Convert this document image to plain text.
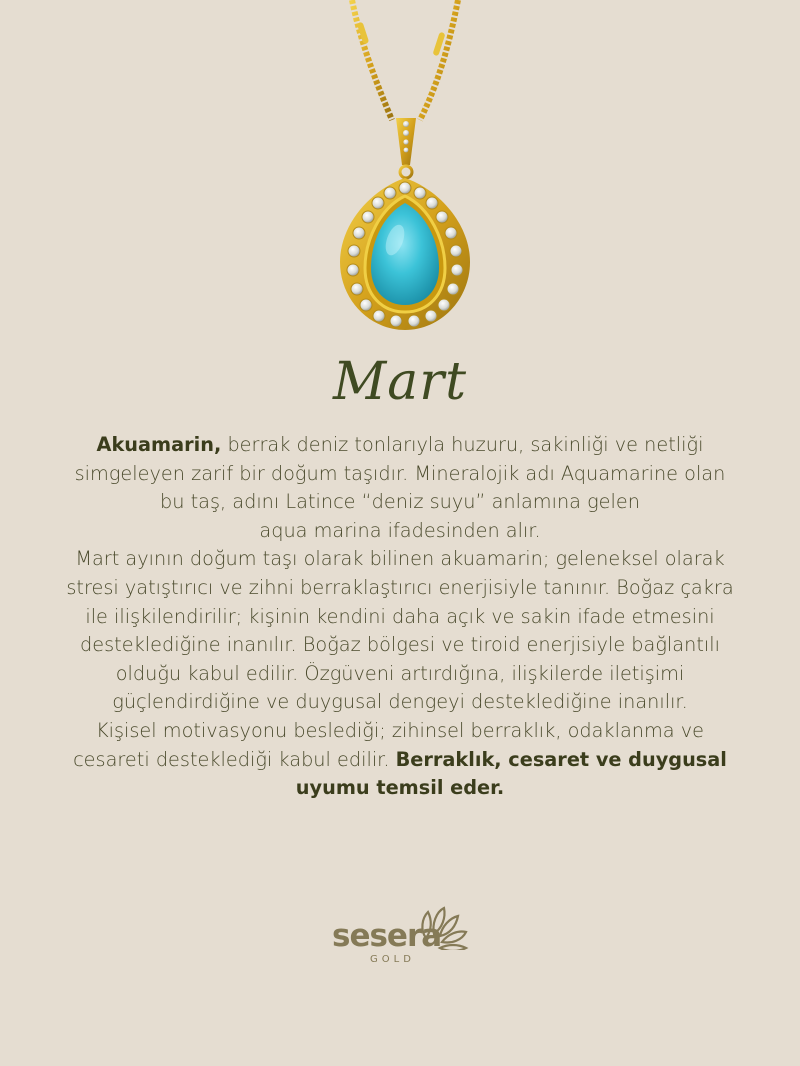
Mart
Akuamarin, berrak deniz tonlarıyla huzuru, sakinliği ve netliği
simgeleyen zarif bir doğum taşıdır. Mineralojik adı Aquamarine olan
bu taş, adını Latince “deniz suyu” anlamına gelen
aqua marina ifadesinden alır.
Mart ayının doğum taşı olarak bilinen akuamarin; geleneksel olarak
stresi yatıştırıcı ve zihni berraklaştırıcı enerjisiyle tanınır. Boğaz çakra
ile ilişkilendirilir; kişinin kendini daha açık ve sakin ifade etmesini
desteklediğine inanılır. Boğaz bölgesi ve tiroid enerjisiyle bağlantılı
olduğu kabul edilir. Özgüveni artırdığına, ilişkilerde iletişimi
güçlendirdiğine ve duygusal dengeyi desteklediğine inanılır.
Kişisel motivasyonu beslediği; zihinsel berraklık, odaklanma ve
cesareti desteklediği kabul edilir. Berraklık, cesaret ve duygusal
uyumu temsil eder.
sesera
GOLD
